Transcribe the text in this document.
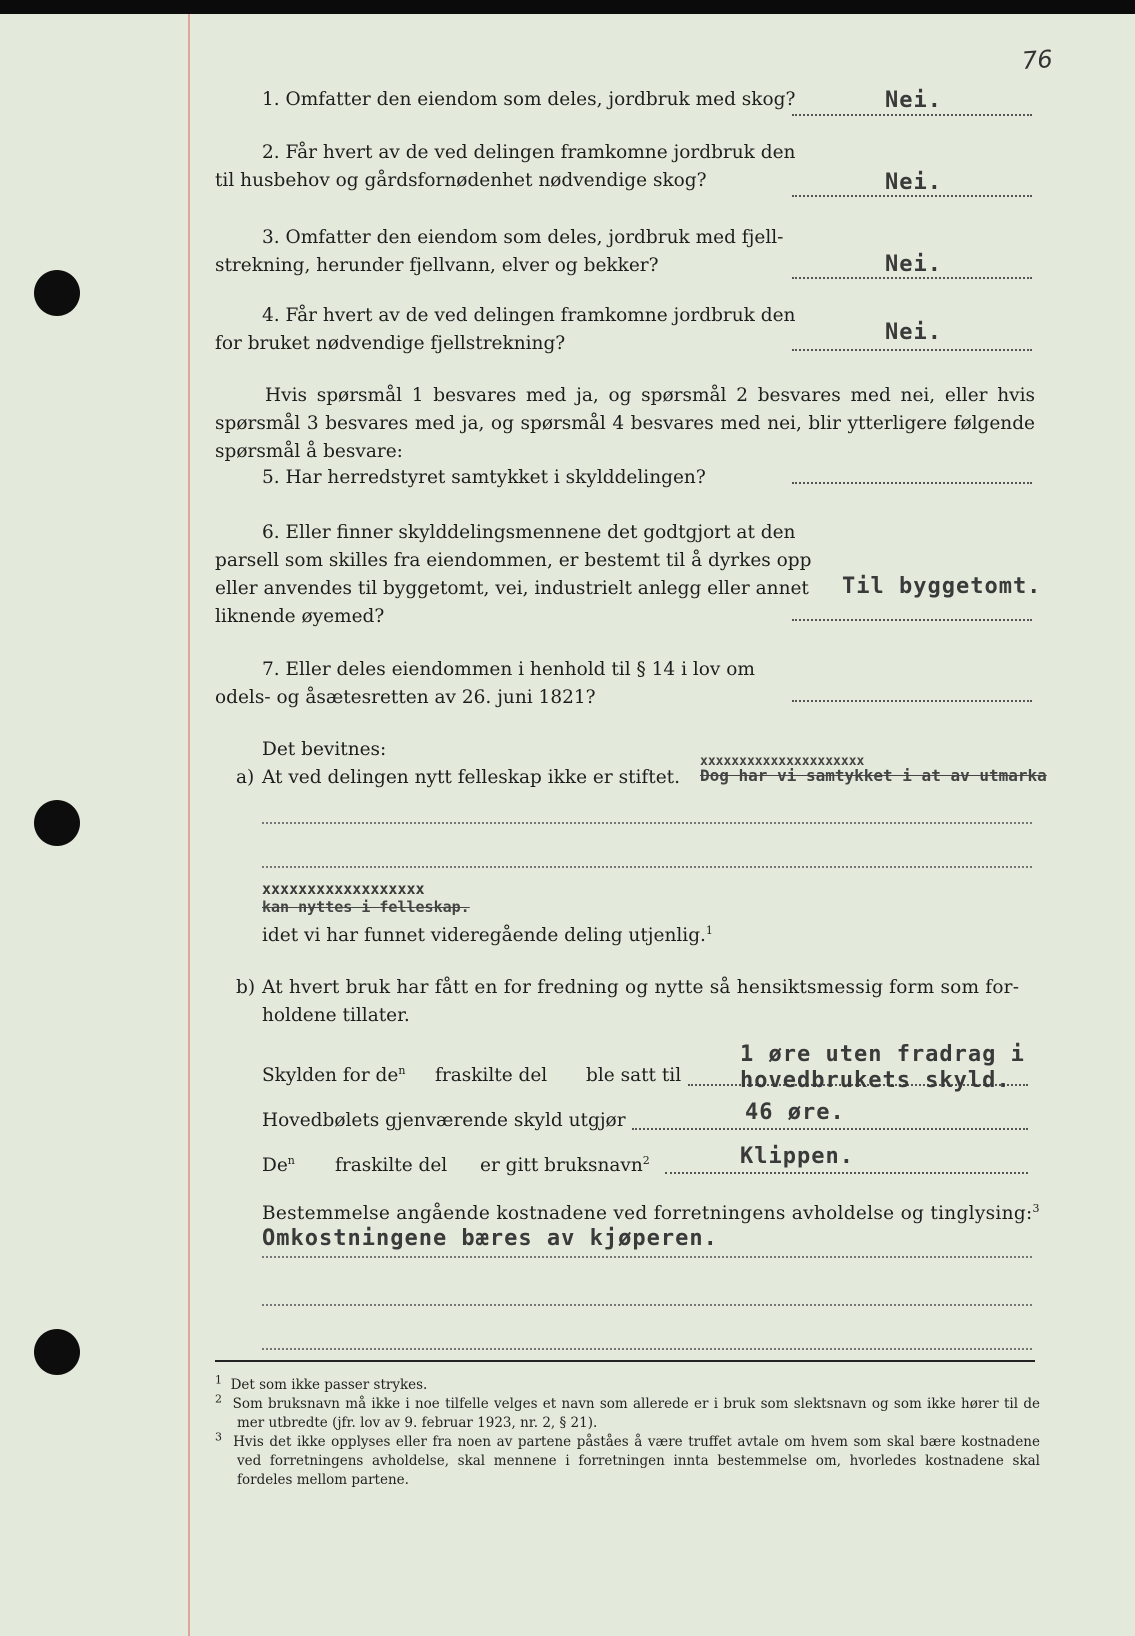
76
1. Omfatter den eiendom som deles, jordbruk med skog?	Nei.
2. Får hvert av de ved delingen framkomne jordbruk den
til husbehov og gårdsfornødenhet nødvendige skog?	Nei.
3. Omfatter den eiendom som deles, jordbruk med fjell-
strekning, herunder fjellvann, elver og bekker?	Nei.
4. Får hvert av de ved delingen framkomne jordbruk den
for bruket nødvendige fjellstrekning?	Nei.
Hvis spørsmål 1 besvares med ja, og spørsmål 2 besvares med nei, eller hvis spørsmål 3 besvares med ja, og spørsmål 4 besvares med nei, blir ytterligere følgende spørsmål å besvare:
5. Har herredstyret samtykket i skylddelingen?
6. Eller finner skylddelingsmennene det godtgjort at den
parsell som skilles fra eiendommen, er bestemt til å dyrkes opp
eller anvendes til byggetomt, vei, industrielt anlegg eller annet
liknende øyemed?
Til byggetomt.
7. Eller deles eiendommen i henhold til § 14 i lov om
odels- og åsætesretten av 26. juni 1821?
Det bevitnes:
a) At ved delingen nytt felleskap ikke er stiftet.
xxxxxxxxxxxxxxxxxxxxx
Dog har vi samtykket i at av utmarka
xxxxxxxxxxxxxxxxxx
kan nyttes i felleskap.
idet vi har funnet videregående deling utjenlig.$^1$
b) At hvert bruk har fått en for fredning og nytte så hensiktsmessig form som for-
holdene tillater.
Skylden for $de^n$ fraskilte del ble satt til
1 øre uten fradrag i
hovedbrukets skyld.
Hovedbølets gjenværende skyld utgjør	46 øre.
De$^n$ fraskilte del er gitt bruksnavn$^2$	Klippen.
Bestemmelse angående kostnadene ved forretningens avholdelse og tinglysing:$^3$
Omkostningene bæres av kjøperen.
$^1$ Det som ikke passer strykes.
$^2$ Som bruksnavn må ikke i noe tilfelle velges et navn som allerede er i bruk som slektsnavn og som ikke hører til de mer utbredte (jfr. lov av 9. februar 1923, nr. 2, § 21).
$^3$ Hvis det ikke opplyses eller fra noen av partene påståes å være truffet avtale om hvem som skal bære kostnadene ved forretningens avholdelse, skal mennene i forretningen innta bestemmelse om, hvorledes kostnadene skal fordeles mellom partene.
